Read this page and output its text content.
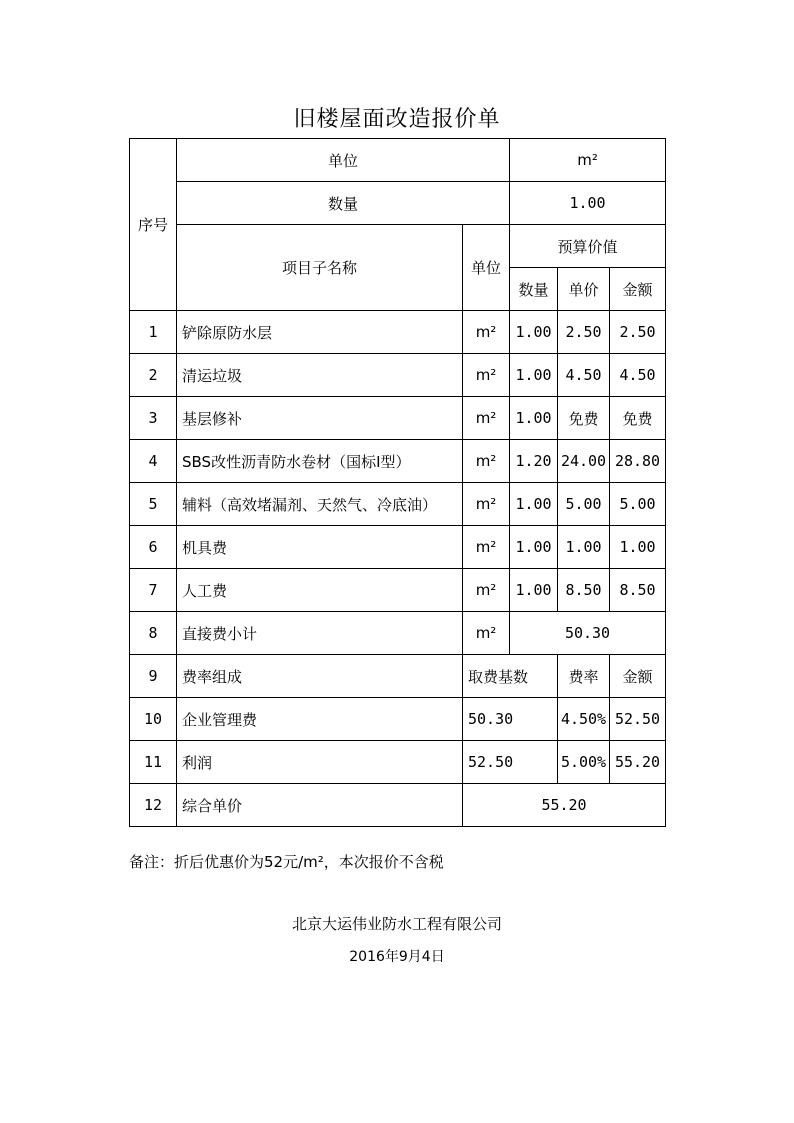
旧楼屋面改造报价单
序号	单位		m²		
	数量		1.00		
	项目子名称	单位	预算价值		
			数量	单价	金额
1	铲除原防水层	m²	1.00	2.50	2.50
2	清运垃圾	m²	1.00	4.50	4.50
3	基层修补	m²	1.00	免费	免费
4	SBS改性沥青防水卷材（国标I型）	m²	1.20	24.00	28.80
5	辅料（高效堵漏剂、天然气、冷底油）	m²	1.00	5.00	5.00
6	机具费	m²	1.00	1.00	1.00
7	人工费	m²	1.00	8.50	8.50
8	直接费小计	m²	50.30		
9	费率组成	取费基数		费率	金额
10	企业管理费	50.30		4.50%	52.50
11	利润	52.50		5.00%	55.20
12	综合单价	55.20			
备注：折后优惠价为52元/m²，本次报价不含税
北京大运伟业防水工程有限公司
2016年9月4日
